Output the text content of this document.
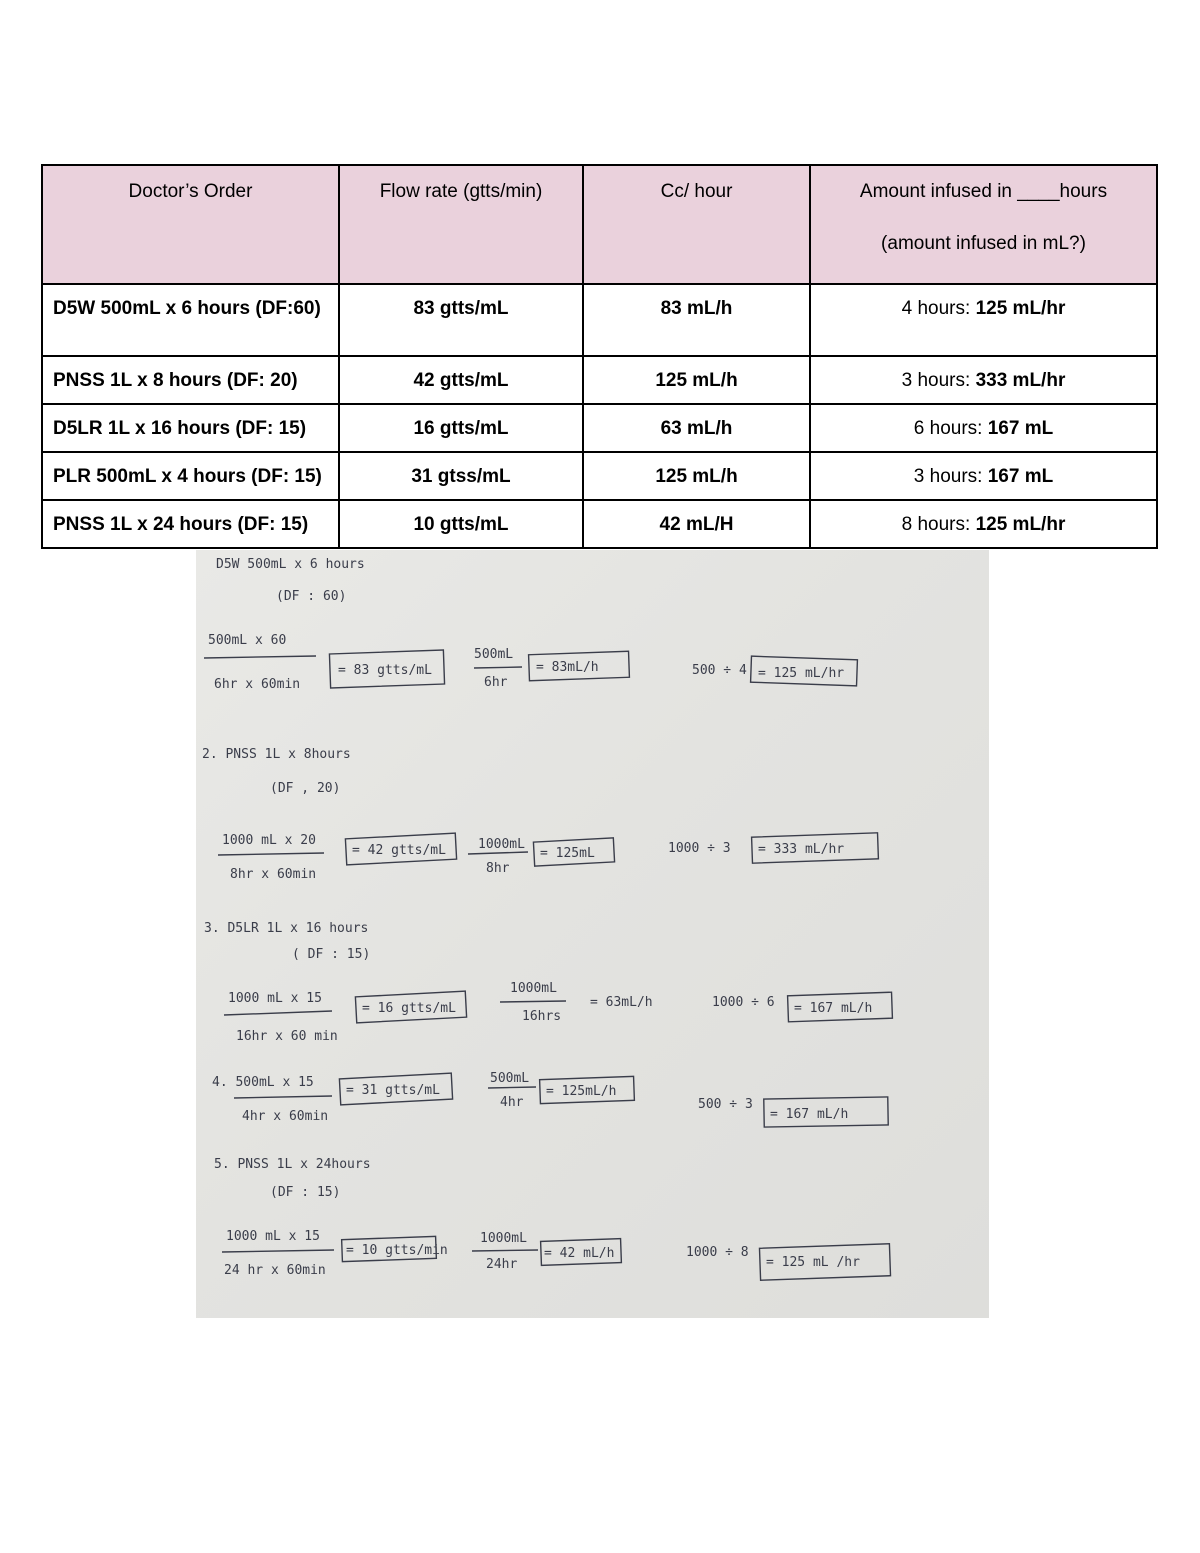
Doctor’s Order	Flow rate (gtts/min)	Cc/ hour	Amount infused in ____hours
(amount infused in mL?)

D5W 500mL x 6 hours (DF:60)	83 gtts/mL	83 mL/h	4 hours: 125 mL/hr
PNSS 1L x 8 hours (DF: 20)	42 gtts/mL	125 mL/h	3 hours: 333 mL/hr
D5LR 1L x 16 hours (DF: 15)	16 gtts/mL	63 mL/h	6 hours: 167 mL
PLR 500mL x 4 hours (DF: 15)	31 gtss/mL	125 mL/h	3 hours: 167 mL
PNSS 1L x 24 hours (DF: 15)	10 gtts/mL	42 mL/H	8 hours: 125 mL/hr
D5W 500mL x 6 hours
(DF : 60)
500mL x 60
6hr x 60min
= 83 gtts/mL
500mL
6hr
= 83mL/h	500 ÷ 4 = 125 mL/hr
2. PNSS 1L x 8hours
(DF , 20)
1000 mL x 20
8hr x 60min
= 42 gtts/mL 1000mL
8hr
= 125mL	1000 ÷ 3 = 333 mL/hr
3. D5LR 1L x 16 hours
( DF : 15)
1000 mL x 15
16hr x 60 min
= 16 gtts/mL
1000mL
16hrs
= 63mL/h	1000 ÷ 6 = 167 mL/h
4. 500mL x 15
4hr x 60min
= 31 gtts/mL
500mL
4hr
= 125mL/h
500 ÷ 3
= 167 mL/h
5. PNSS 1L x 24hours
(DF : 15)
1000 mL x 15
24 hr x 60min
= 10 gtts/min
1000mL
24hr
= 42 mL/h	1000 ÷ 8
= 125 mL /hr
